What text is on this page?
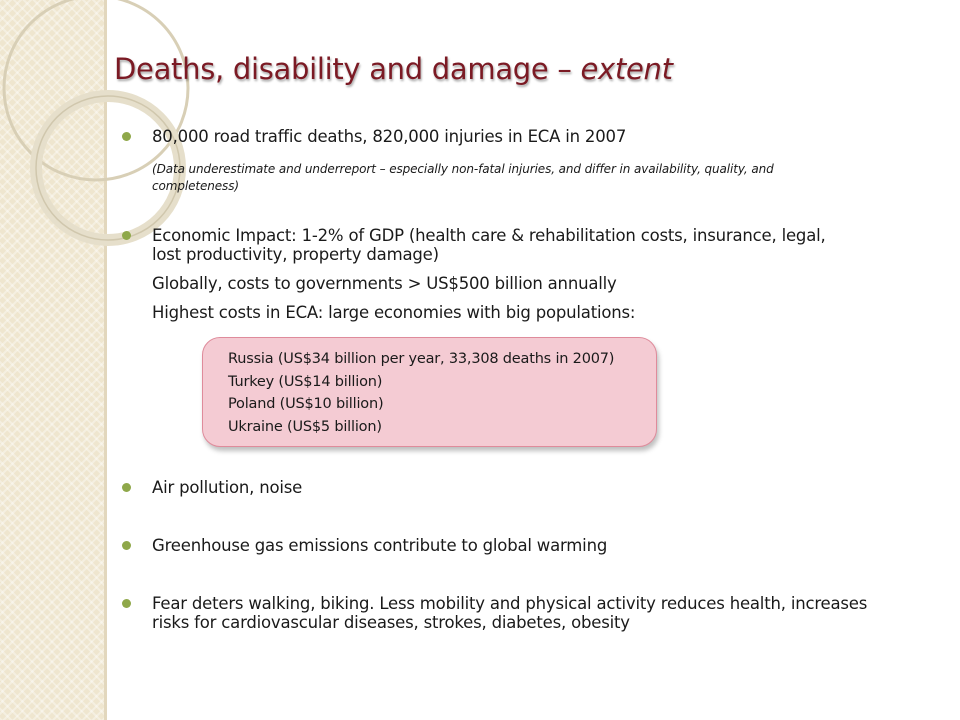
Deaths, disability and damage – extent
80,000 road traffic deaths, 820,000 injuries in ECA in 2007
(Data underestimate and underreport – especially non-fatal injuries, and differ in availability, quality, and
completeness)
Economic Impact: 1-2% of GDP (health care & rehabilitation costs, insurance, legal,
lost productivity, property damage)
Globally, costs to governments > US$500 billion annually
Highest costs in ECA: large economies with big populations:
Russia (US$34 billion per year, 33,308 deaths in 2007)
Turkey (US$14 billion)
Poland (US$10 billion)
Ukraine (US$5 billion)
Air pollution, noise
Greenhouse gas emissions contribute to global warming
Fear deters walking, biking. Less mobility and physical activity reduces health, increases
risks for cardiovascular diseases, strokes, diabetes, obesity
